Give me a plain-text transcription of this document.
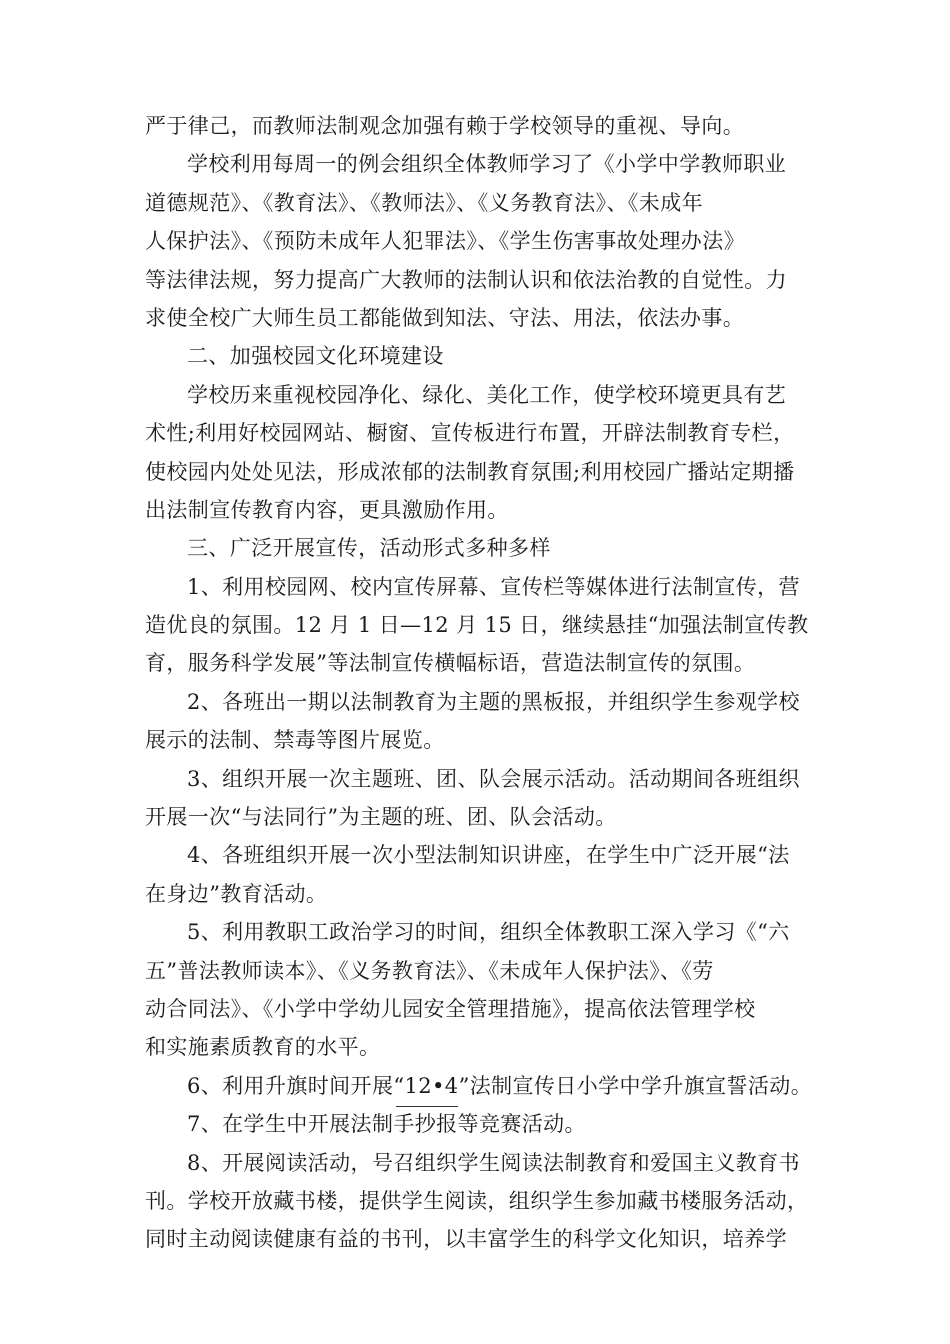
严于律己，而教师法制观念加强有赖于学校领导的重视、导向。
学校利用每周一的例会组织全体教师学习了《小学中学教师职业
道德规范》、《教育法》、《教师法》、《义务教育法》、《未成年
人保护法》、《预防未成年人犯罪法》、《学生伤害事故处理办法》
等法律法规，努力提高广大教师的法制认识和依法治教的自觉性。力
求使全校广大师生员工都能做到知法、守法、用法，依法办事。
二、加强校园文化环境建设
学校历来重视校园净化、绿化、美化工作，使学校环境更具有艺
术性;利用好校园网站、橱窗、宣传板进行布置，开辟法制教育专栏，
使校园内处处见法，形成浓郁的法制教育氛围;利用校园广播站定期播
出法制宣传教育内容，更具激励作用。
三、广泛开展宣传，活动形式多种多样
1、利用校园网、校内宣传屏幕、宣传栏等媒体进行法制宣传，营
造优良的氛围。12 月 1 日—12 月 15 日，继续悬挂“加强法制宣传教
育，服务科学发展”等法制宣传横幅标语，营造法制宣传的氛围。
2、各班出一期以法制教育为主题的黑板报，并组织学生参观学校
展示的法制、禁毒等图片展览。
3、组织开展一次主题班、团、队会展示活动。活动期间各班组织
开展一次“与法同行”为主题的班、团、队会活动。
4、各班组织开展一次小型法制知识讲座，在学生中广泛开展“法
在身边”教育活动。
5、利用教职工政治学习的时间，组织全体教职工深入学习《“六
五”普法教师读本》、《义务教育法》、《未成年人保护法》、《劳
动合同法》、《小学中学幼儿园安全管理措施》，提高依法管理学校
和实施素质教育的水平。
6、利用升旗时间开展“12•4”法制宣传日小学中学升旗宣誓活动。
7、在学生中开展法制手抄报等竞赛活动。
8、开展阅读活动，号召组织学生阅读法制教育和爱国主义教育书
刊。学校开放藏书楼，提供学生阅读，组织学生参加藏书楼服务活动，
同时主动阅读健康有益的书刊，以丰富学生的科学文化知识，培养学
